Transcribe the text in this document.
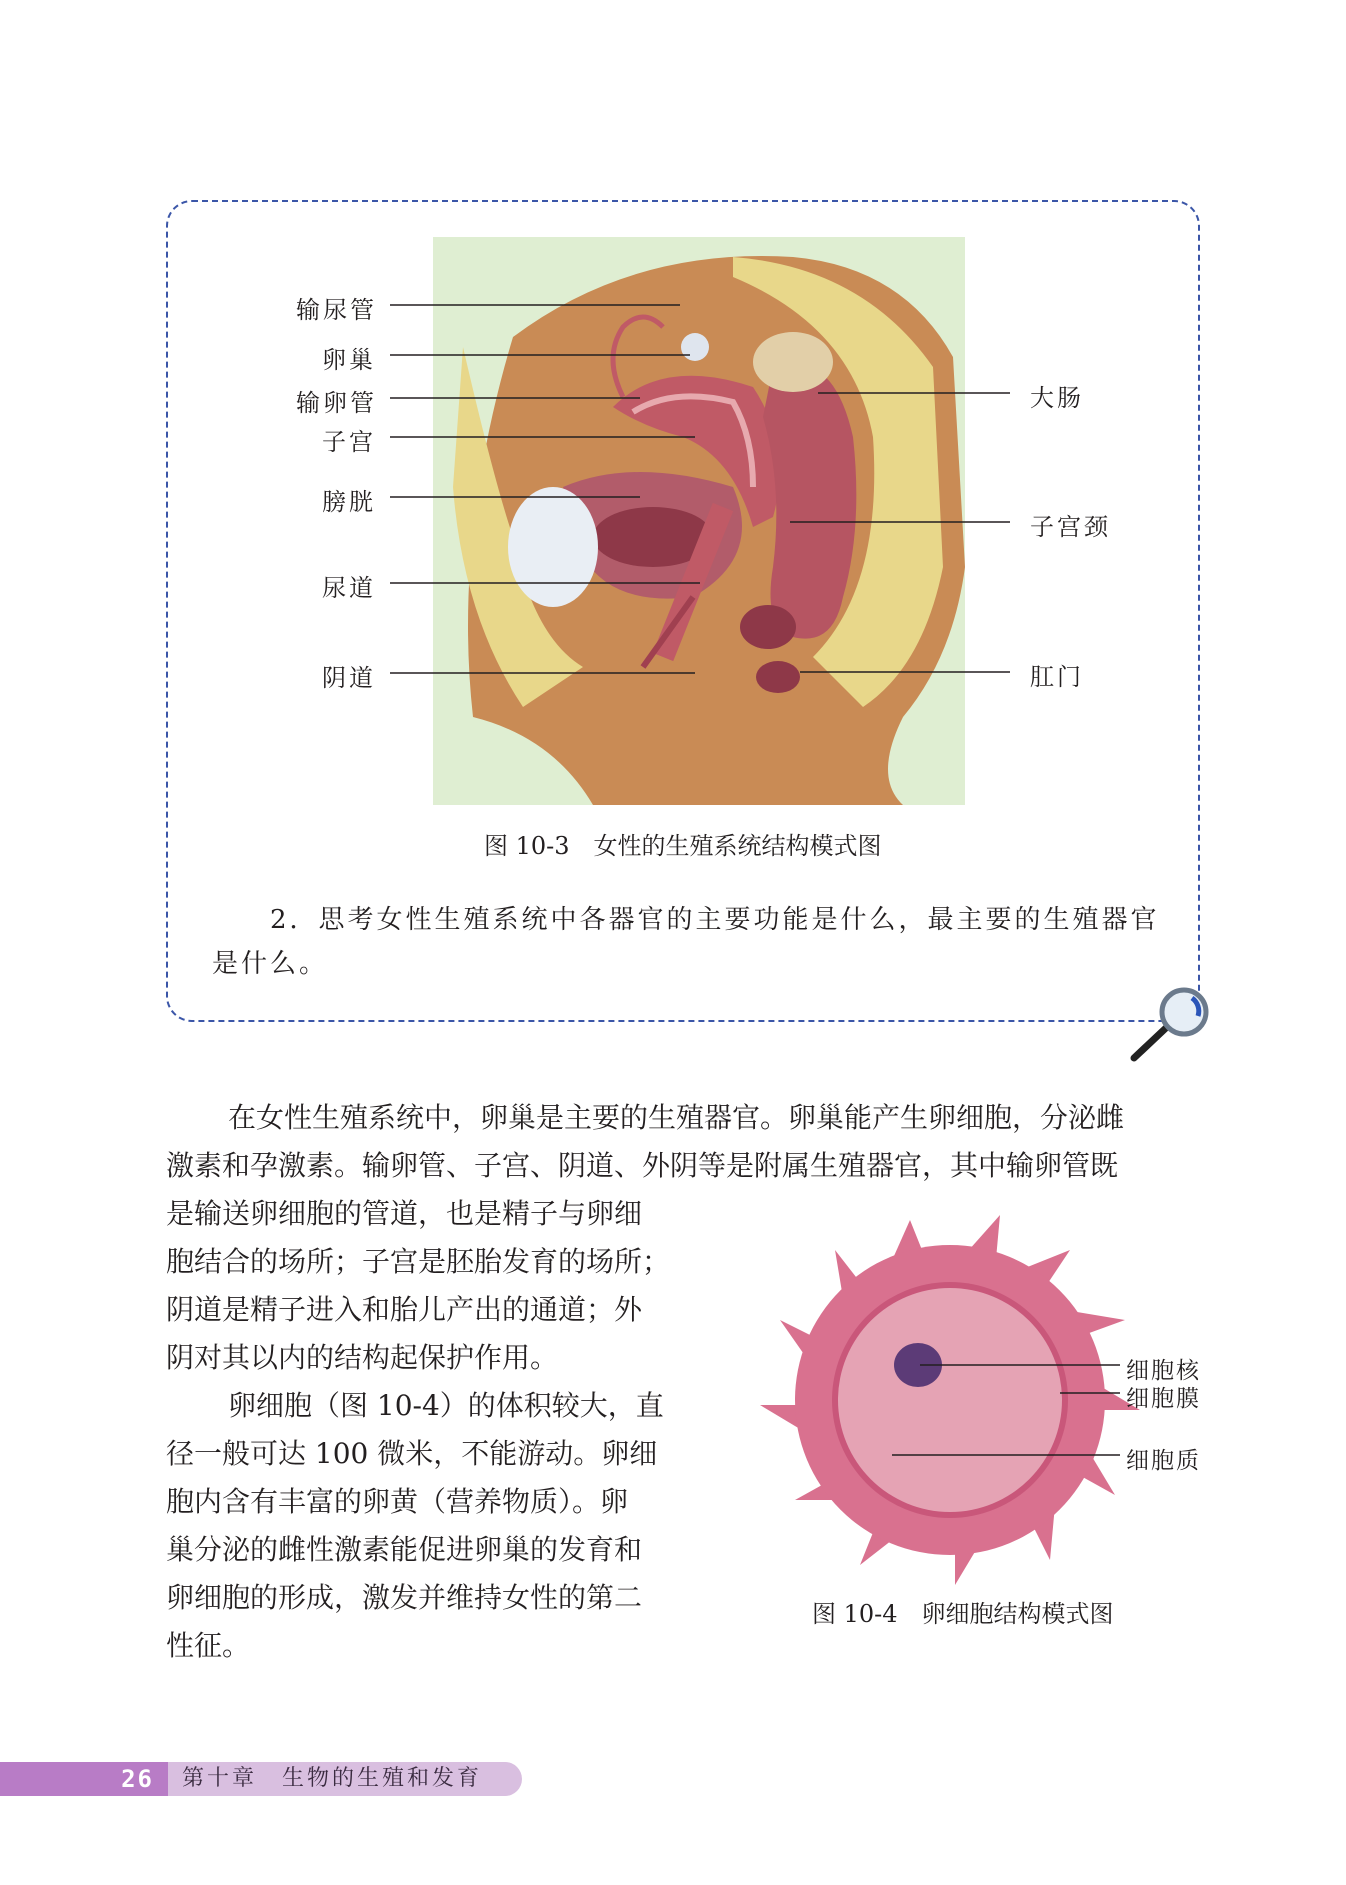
输尿管
卵巢
输卵管
子宫
膀胱
尿道
阴道
大肠
子宫颈
肛门
图 10-3　女性的生殖系统结构模式图

2．思考女性生殖系统中各器官的主要功能是什么，最主要的生殖器官是什么。

在女性生殖系统中，卵巢是主要的生殖器官。卵巢能产生卵细胞，分泌雌

激素和孕激素。输卵管、子宫、阴道、外阴等是附属生殖器官，其中输卵管既

是输送卵细胞的管道，也是精子与卵细

胞结合的场所；子宫是胚胎发育的场所；

阴道是精子进入和胎儿产出的通道；外

阴对其以内的结构起保护作用。

卵细胞（图 10-4）的体积较大，直

径一般可达 100 微米，不能游动。卵细

胞内含有丰富的卵黄（营养物质）。卵

巢分泌的雌性激素能促进卵巢的发育和

卵细胞的形成，激发并维持女性的第二

性征。

细胞核
细胞膜
细胞质
图 10-4　卵细胞结构模式图
26	第十章　生物的生殖和发育
